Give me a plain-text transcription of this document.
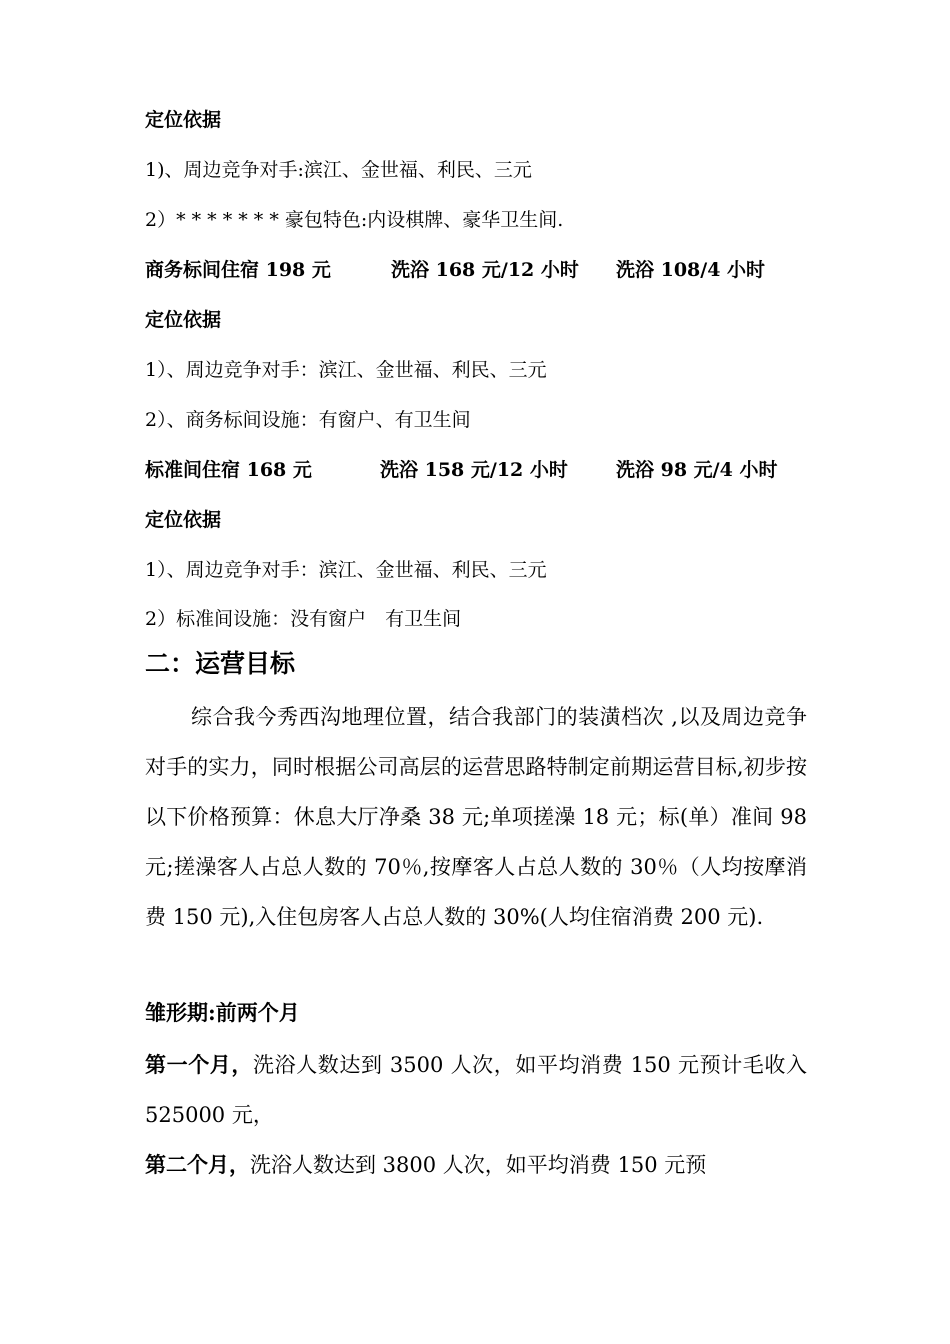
定位依据
1)、周边竞争对手:滨江、金世福、利民、三元
2）* * * * * * * 豪包特色:内设棋牌、豪华卫生间.
商务标间住宿 198 元	洗浴 168 元/12 小时 洗浴 108/4 小时
定位依据
1）、周边竞争对手：滨江、金世福、利民、三元
2）、商务标间设施：有窗户、有卫生间
标准间住宿 168 元	洗浴 158 元/12 小时	洗浴 98 元/4 小时
定位依据
1）、周边竞争对手：滨江、金世福、利民、三元
2）标准间设施：没有窗户　有卫生间
二：运营目标
综合我今秀西沟地理位置，结合我部门的装潢档次 ,以及周边竞争对手的实力，同时根据公司高层的运营思路特制定前期运营目标,初步按以下价格预算：休息大厅净桑 38 元;单项搓澡 18 元；标(单）准间 98 元;搓澡客人占总人数的 70％,按摩客人占总人数的 30％（人均按摩消费 150 元),入住包房客人占总人数的 30%(人均住宿消费 200 元).
雏形期:前两个月
第一个月，洗浴人数达到 3500 人次，如平均消费 150 元预计毛收入 525000 元，
第二个月，洗浴人数达到 3800 人次，如平均消费 150 元预
